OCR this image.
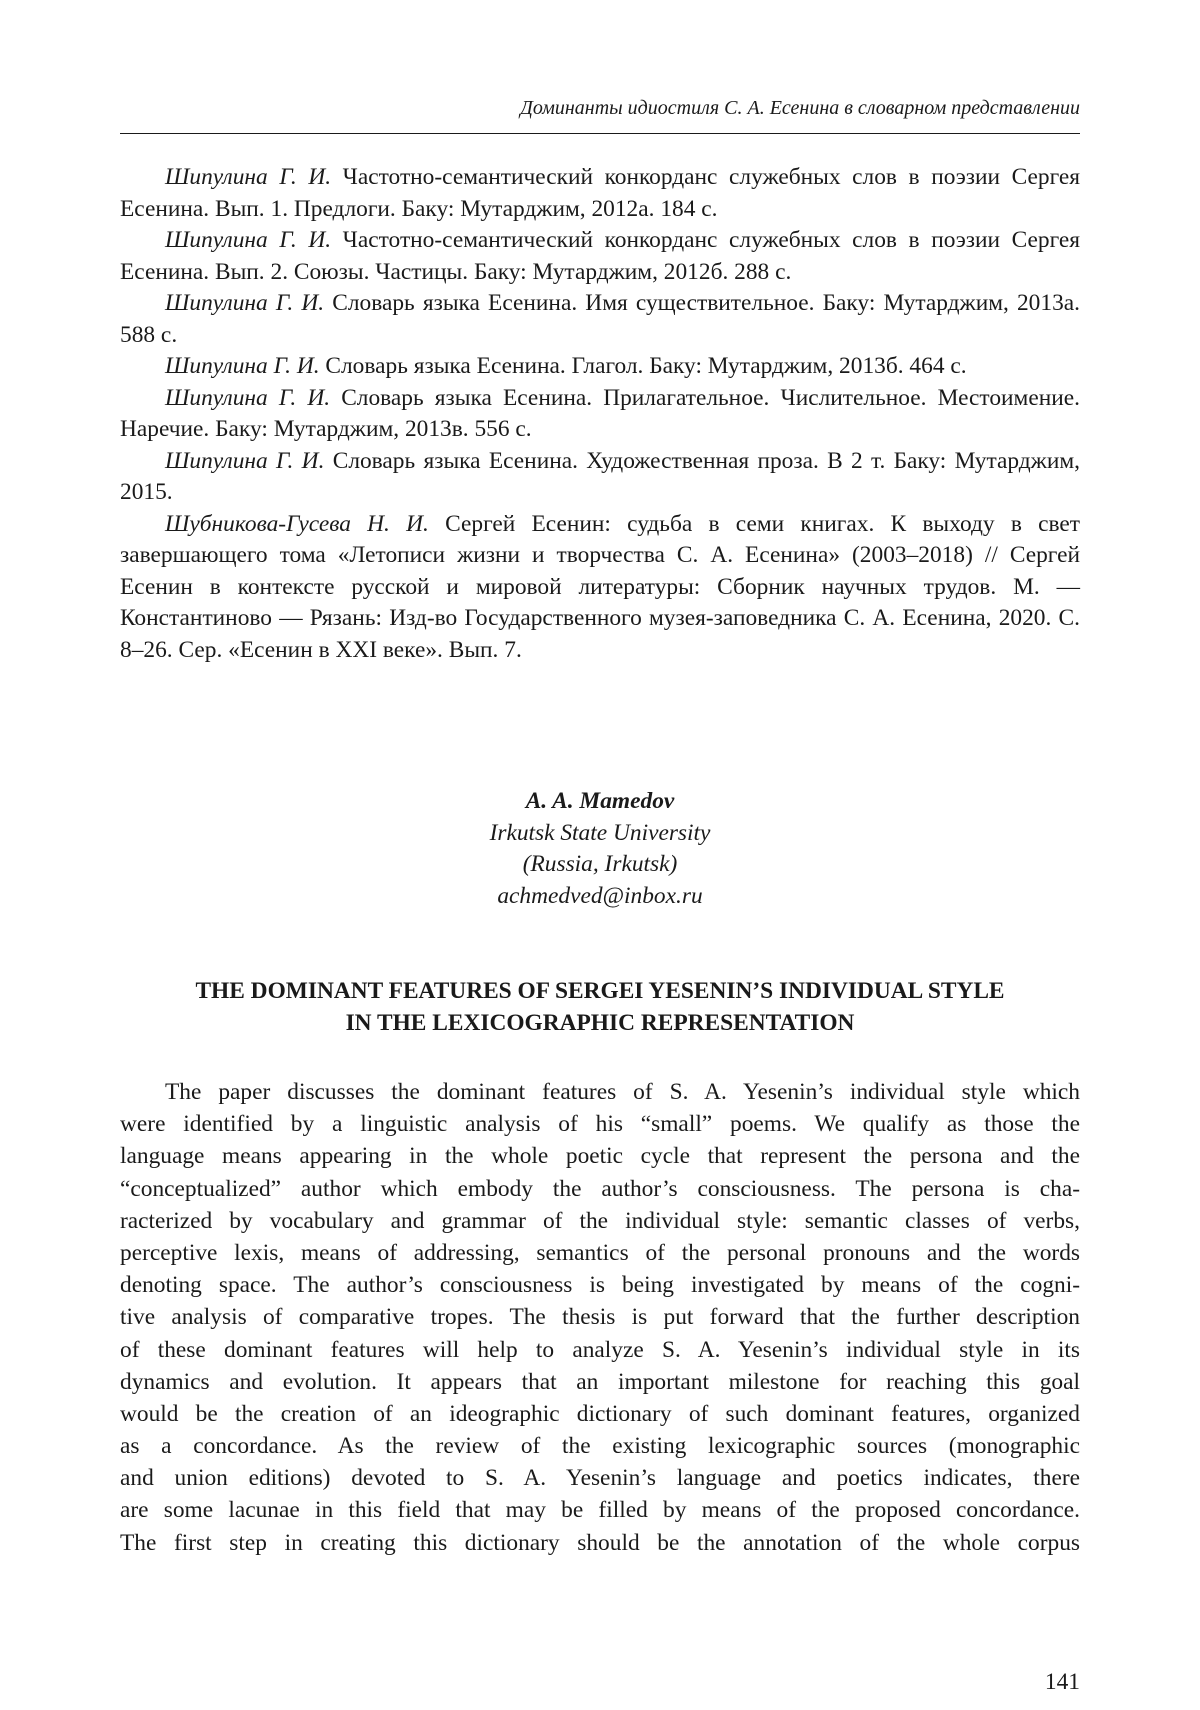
Доминанты идиостиля С. А. Есенина в словарном представлении

Шипулина Г. И. Частотно-семантический конкорданс служебных слов в поэзии Сергея Есенина. Вып. 1. Предлоги. Баку: Мутарджим, 2012а. 184 с.

Шипулина Г. И. Частотно-семантический конкорданс служебных слов в поэзии Сергея Есенина. Вып. 2. Союзы. Частицы. Баку: Мутарджим, 2012б. 288 с.

Шипулина Г. И. Словарь языка Есенина. Имя существительное. Баку: Мутарджим, 2013а. 588 с.

Шипулина Г. И. Словарь языка Есенина. Глагол. Баку: Мутарджим, 2013б. 464 с.

Шипулина Г. И. Словарь языка Есенина. Прилагательное. Числительное. Местоимение. Наречие. Баку: Мутарджим, 2013в. 556 с.

Шипулина Г. И. Словарь языка Есенина. Художественная проза. В 2 т. Баку: Мутарджим, 2015.

Шубникова-Гусева Н. И. Сергей Есенин: судьба в семи книгах. К выходу в свет завершающего тома «Летописи жизни и творчества С. А. Есенина» (2003–2018) // Сергей Есенин в контексте русской и мировой литературы: Сборник научных трудов. М. — Константиново — Рязань: Изд-во Государственного музея-заповедника С. А. Есенина, 2020. С. 8–26. Сер. «Есенин в XXI веке». Вып. 7.

A. A. Mamedov
Irkutsk State University
(Russia, Irkutsk)
achmedved@inbox.ru
THE DOMINANT FEATURES OF SERGEI YESENIN’S INDIVIDUAL STYLE
IN THE LEXICOGRAPHIC REPRESENTATION
The paper discusses the dominant features of S. A. Yesenin’s individual style which
were identified by a linguistic analysis of his “small” poems. We qualify as those the
language means appearing in the whole poetic cycle that represent the persona and the
“conceptualized” author which embody the author’s consciousness. The persona is cha-
racterized by vocabulary and grammar of the individual style: semantic classes of verbs,
perceptive lexis, means of addressing, semantics of the personal pronouns and the words
denoting space. The author’s consciousness is being investigated by means of the cogni-
tive analysis of comparative tropes. The thesis is put forward that the further description
of these dominant features will help to analyze S. A. Yesenin’s individual style in its
dynamics and evolution. It appears that an important milestone for reaching this goal
would be the creation of an ideographic dictionary of such dominant features, organized
as a concordance. As the review of the existing lexicographic sources (monographic
and union editions) devoted to S. A. Yesenin’s language and poetics indicates, there
are some lacunae in this field that may be filled by means of the proposed concordance.
The first step in creating this dictionary should be the annotation of the whole corpus
141
